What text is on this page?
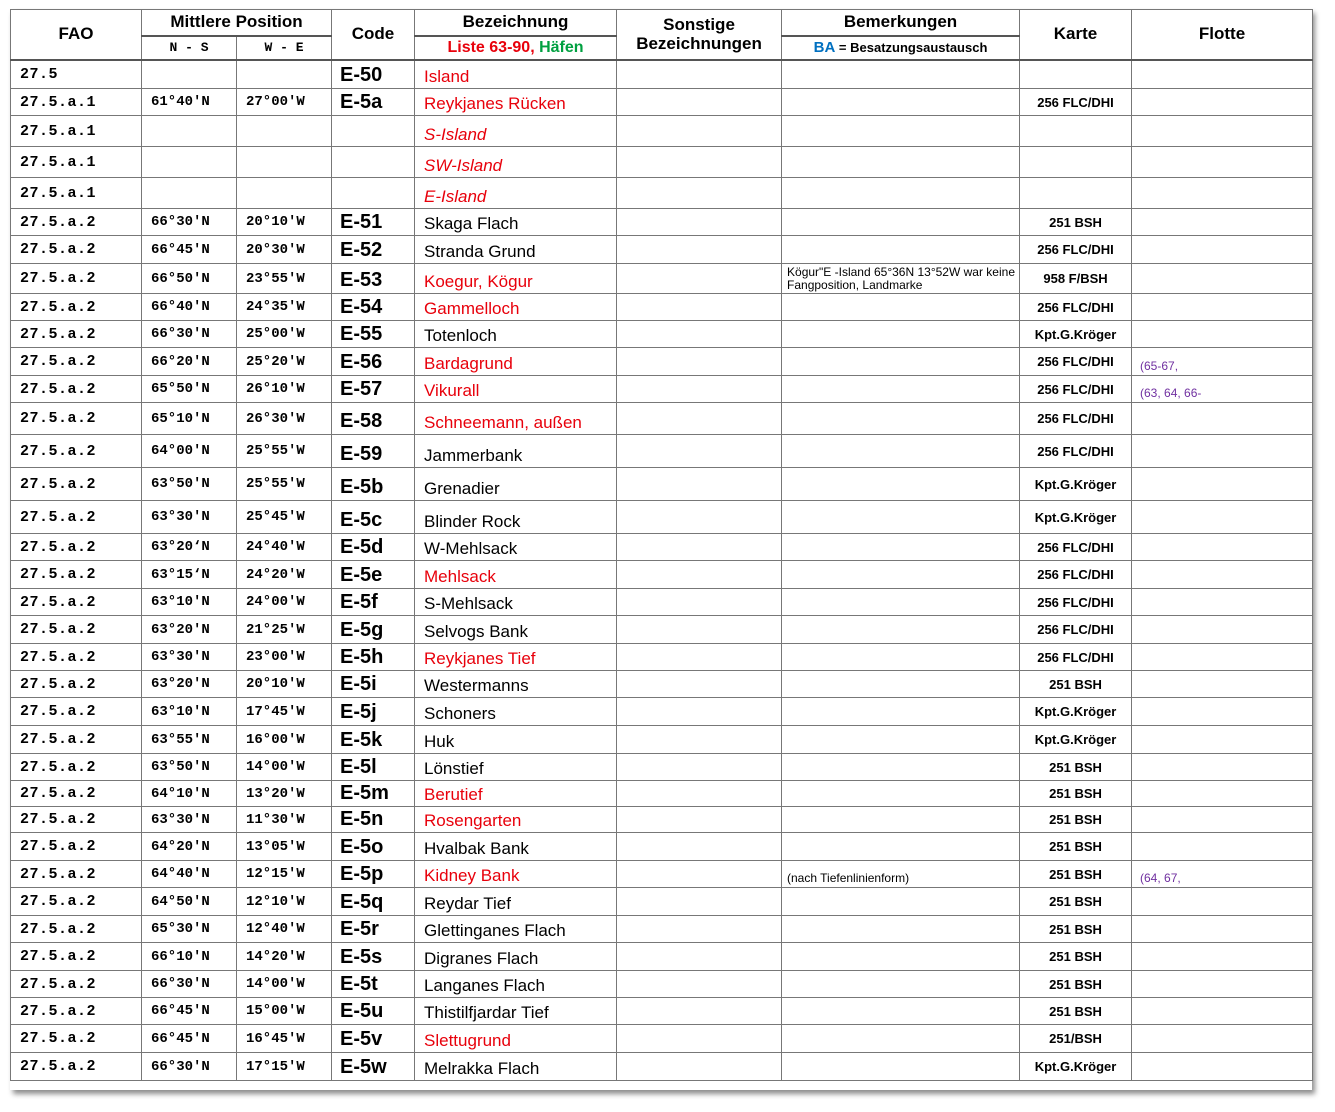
FAO	Mittlere Position		Code	Bezeichnung	Sonstige Bezeichnungen	Bemerkungen	Karte	Flotte
	N - S	W - E		Liste 63-90, Häfen		BA = Besatzungsaustausch		
27.5			E-50	Island				
27.5.a.1	61°40′N	27°00′W	E-5a	Reykjanes Rücken			256 FLC/DHI	
27.5.a.1				S-Island				
27.5.a.1				SW-Island				
27.5.a.1				E-Island				
27.5.a.2	66°30′N	20°10′W	E-51	Skaga Flach			251 BSH	
27.5.a.2	66°45′N	20°30′W	E-52	Stranda Grund			256 FLC/DHI	
27.5.a.2	66°50′N	23°55′W	E-53	Koegur, Kögur		Kögur"E -Island 65°36N 13°52W war keine Fangposition, Landmarke	958 F/BSH	
27.5.a.2	66°40′N	24°35′W	E-54	Gammelloch			256 FLC/DHI	
27.5.a.2	66°30′N	25°00′W	E-55	Totenloch			Kpt.G.Kröger	
27.5.a.2	66°20′N	25°20′W	E-56	Bardagrund			256 FLC/DHI	(65-67,
27.5.a.2	65°50′N	26°10′W	E-57	Vikurall			256 FLC/DHI	(63, 64, 66-
27.5.a.2	65°10′N	26°30′W	E-58	Schneemann, außen			256 FLC/DHI	
27.5.a.2	64°00′N	25°55′W	E-59	Jammerbank			256 FLC/DHI	
27.5.a.2	63°50′N	25°55′W	E-5b	Grenadier			Kpt.G.Kröger	
27.5.a.2	63°30′N	25°45′W	E-5c	Blinder Rock			Kpt.G.Kröger	
27.5.a.2	63°20‘N	24°40′W	E-5d	W-Mehlsack			256 FLC/DHI	
27.5.a.2	63°15‘N	24°20′W	E-5e	Mehlsack			256 FLC/DHI	
27.5.a.2	63°10′N	24°00′W	E-5f	S-Mehlsack			256 FLC/DHI	
27.5.a.2	63°20′N	21°25′W	E-5g	Selvogs Bank			256 FLC/DHI	
27.5.a.2	63°30′N	23°00′W	E-5h	Reykjanes Tief			256 FLC/DHI	
27.5.a.2	63°20′N	20°10′W	E-5i	Westermanns			251 BSH	
27.5.a.2	63°10′N	17°45′W	E-5j	Schoners			Kpt.G.Kröger	
27.5.a.2	63°55′N	16°00′W	E-5k	Huk			Kpt.G.Kröger	
27.5.a.2	63°50′N	14°00′W	E-5l	Lönstief			251 BSH	
27.5.a.2	64°10′N	13°20′W	E-5m	Berutief			251 BSH	
27.5.a.2	63°30′N	11°30′W	E-5n	Rosengarten			251 BSH	
27.5.a.2	64°20′N	13°05′W	E-5o	Hvalbak Bank			251 BSH	
27.5.a.2	64°40′N	12°15′W	E-5p	Kidney Bank		(nach Tiefenlinienform)	251 BSH	(64, 67,
27.5.a.2	64°50′N	12°10′W	E-5q	Reydar Tief			251 BSH	
27.5.a.2	65°30′N	12°40′W	E-5r	Glettinganes Flach			251 BSH	
27.5.a.2	66°10′N	14°20′W	E-5s	Digranes Flach			251 BSH	
27.5.a.2	66°30′N	14°00′W	E-5t	Langanes Flach			251 BSH	
27.5.a.2	66°45′N	15°00′W	E-5u	Thistilfjardar Tief			251 BSH	
27.5.a.2	66°45′N	16°45′W	E-5v	Slettugrund			251/BSH	
27.5.a.2	66°30′N	17°15′W	E-5w	Melrakka Flach			Kpt.G.Kröger	
